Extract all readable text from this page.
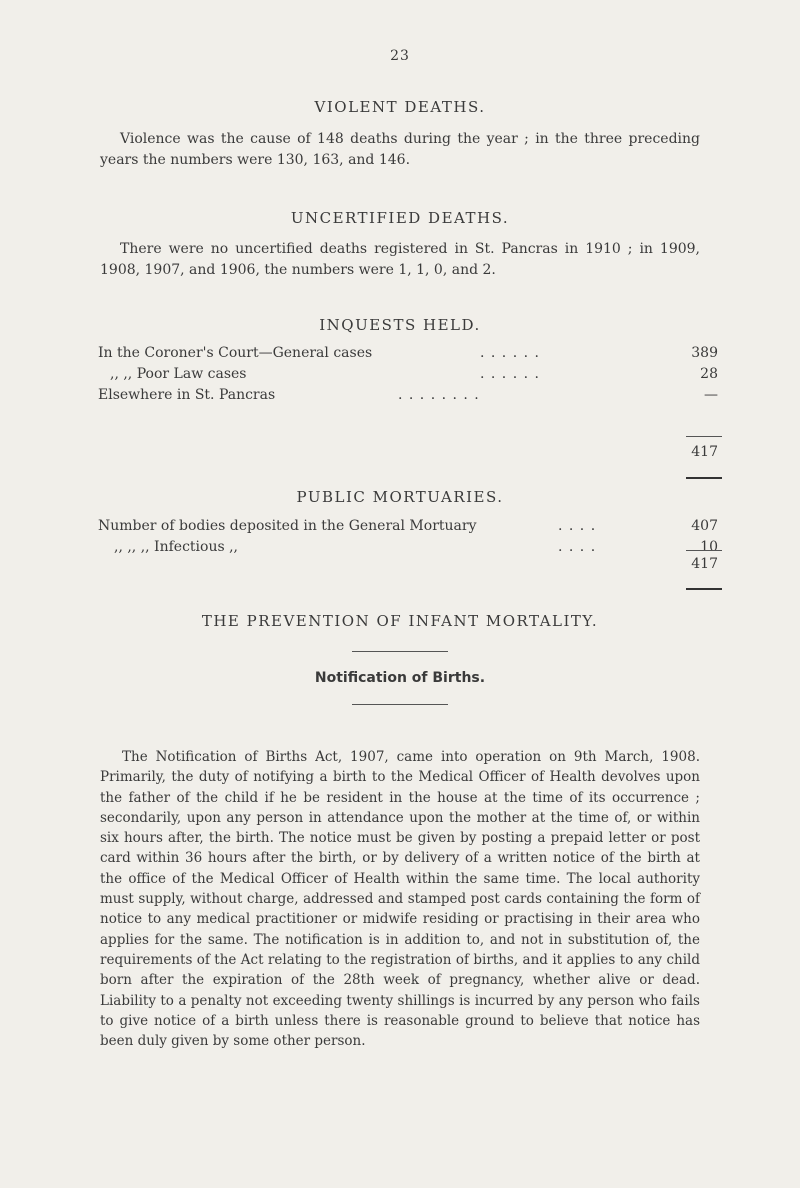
23
VIOLENT DEATHS.

Violence was the cause of 148 deaths during the year ; in the three preceding years the numbers were 130, 163, and 146.

UNCERTIFIED DEATHS.

There were no uncertified deaths registered in St. Pancras in 1910 ; in 1909, 1908, 1907, and 1906, the numbers were 1, 1, 0, and 2.

INQUESTS HELD.
In the Coroner's Court—General cases	. . . . . .	389
,, ,, Poor Law cases	. . . . . .	28
Elsewhere in St. Pancras	. . . . . . . .	—
417
PUBLIC MORTUARIES.
Number of bodies deposited in the General Mortuary	. . . .	407
,, ,, ,, Infectious ,,	. . . .	10
417
THE PREVENTION OF INFANT MORTALITY.
Notification of Births.

The Notification of Births Act, 1907, came into operation on 9th March, 1908. Primarily, the duty of notifying a birth to the Medical Officer of Health devolves upon the father of the child if he be resident in the house at the time of its occurrence ; secondarily, upon any person in attendance upon the mother at the time of, or within six hours after, the birth. The notice must be given by posting a prepaid letter or post card within 36 hours after the birth, or by delivery of a written notice of the birth at the office of the Medical Officer of Health within the same time. The local authority must supply, without charge, addressed and stamped post cards containing the form of notice to any medical practitioner or midwife residing or practising in their area who applies for the same. The notification is in addition to, and not in substitution of, the requirements of the Act relating to the registration of births, and it applies to any child born after the expiration of the 28th week of pregnancy, whether alive or dead. Liability to a penalty not exceeding twenty shillings is incurred by any person who fails to give notice of a birth unless there is reasonable ground to believe that notice has been duly given by some other person.
